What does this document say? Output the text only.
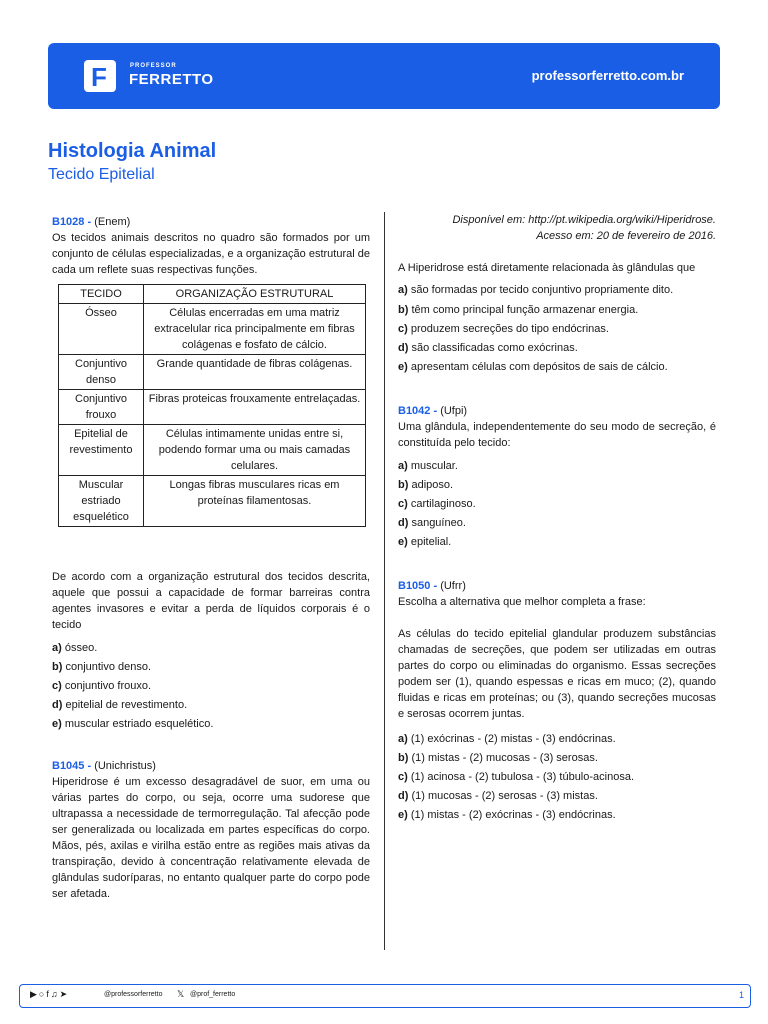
F	PROFESSOR
FERRETTO	professorferretto.com.br
Histologia Animal
Tecido Epitelial
B1028 - (Enem)

Os tecidos animais descritos no quadro são formados por um conjunto de células especializadas, e a organização estrutural de cada um reflete suas respectivas funções.

TECIDO	ORGANIZAÇÃO ESTRUTURAL
Ósseo	Células encerradas em uma matriz extracelular rica principalmente em fibras colágenas e fosfato de cálcio.
Conjuntivo denso	Grande quantidade de fibras colágenas.
Conjuntivo frouxo	Fibras proteicas frouxamente entrelaçadas.
Epitelial de revestimento	Células intimamente unidas entre si, podendo formar uma ou mais camadas celulares.
Muscular estriado esquelético	Longas fibras musculares ricas em proteínas filamentosas.

De acordo com a organização estrutural dos tecidos descrita, aquele que possui a capacidade de formar barreiras contra agentes invasores e evitar a perda de líquidos corporais é o tecido

a) ósseo.
b) conjuntivo denso.
c) conjuntivo frouxo.
d) epitelial de revestimento.
e) muscular estriado esquelético.
B1045 - (Unichristus)

Hiperidrose é um excesso desagradável de suor, em uma ou várias partes do corpo, ou seja, ocorre uma sudorese que ultrapassa a necessidade de termorregulação. Tal afecção pode ser generalizada ou localizada em partes específicas do corpo. Mãos, pés, axilas e virilha estão entre as regiões mais ativas da transpiração, devido à concentração relativamente elevada de glândulas sudoríparas, no entanto qualquer parte do corpo pode ser afetada.

Disponível em: http://pt.wikipedia.org/wiki/Hiperidrose.
Acesso em: 20 de fevereiro de 2016.

A Hiperidrose está diretamente relacionada às glândulas que

a) são formadas por tecido conjuntivo propriamente dito.
b) têm como principal função armazenar energia.
c) produzem secreções do tipo endócrinas.
d) são classificadas como exócrinas.
e) apresentam células com depósitos de sais de cálcio.
B1042 - (Ufpi)

Uma glândula, independentemente do seu modo de secreção, é constituída pelo tecido:

a) muscular.
b) adiposo.
c) cartilaginoso.
d) sanguíneo.
e) epitelial.
B1050 - (Ufrr)

Escolha a alternativa que melhor completa a frase:

As células do tecido epitelial glandular produzem substâncias chamadas de secreções, que podem ser utilizadas em outras partes do corpo ou eliminadas do organismo. Essas secreções podem ser (1), quando espessas e ricas em muco; (2), quando fluidas e ricas em proteínas; ou (3), quando secreções mucosas e serosas ocorrem juntas.

a) (1) exócrinas - (2) mistas - (3) endócrinas.
b) (1) mistas - (2) mucosas - (3) serosas.
c) (1) acinosa - (2) tubulosa - (3) túbulo-acinosa.
d) (1) mucosas - (2) serosas - (3) mistas.
e) (1) mistas - (2) exócrinas - (3) endócrinas.
▶○f♫➤	@professorferretto 𝕏 @prof_ferretto	1
